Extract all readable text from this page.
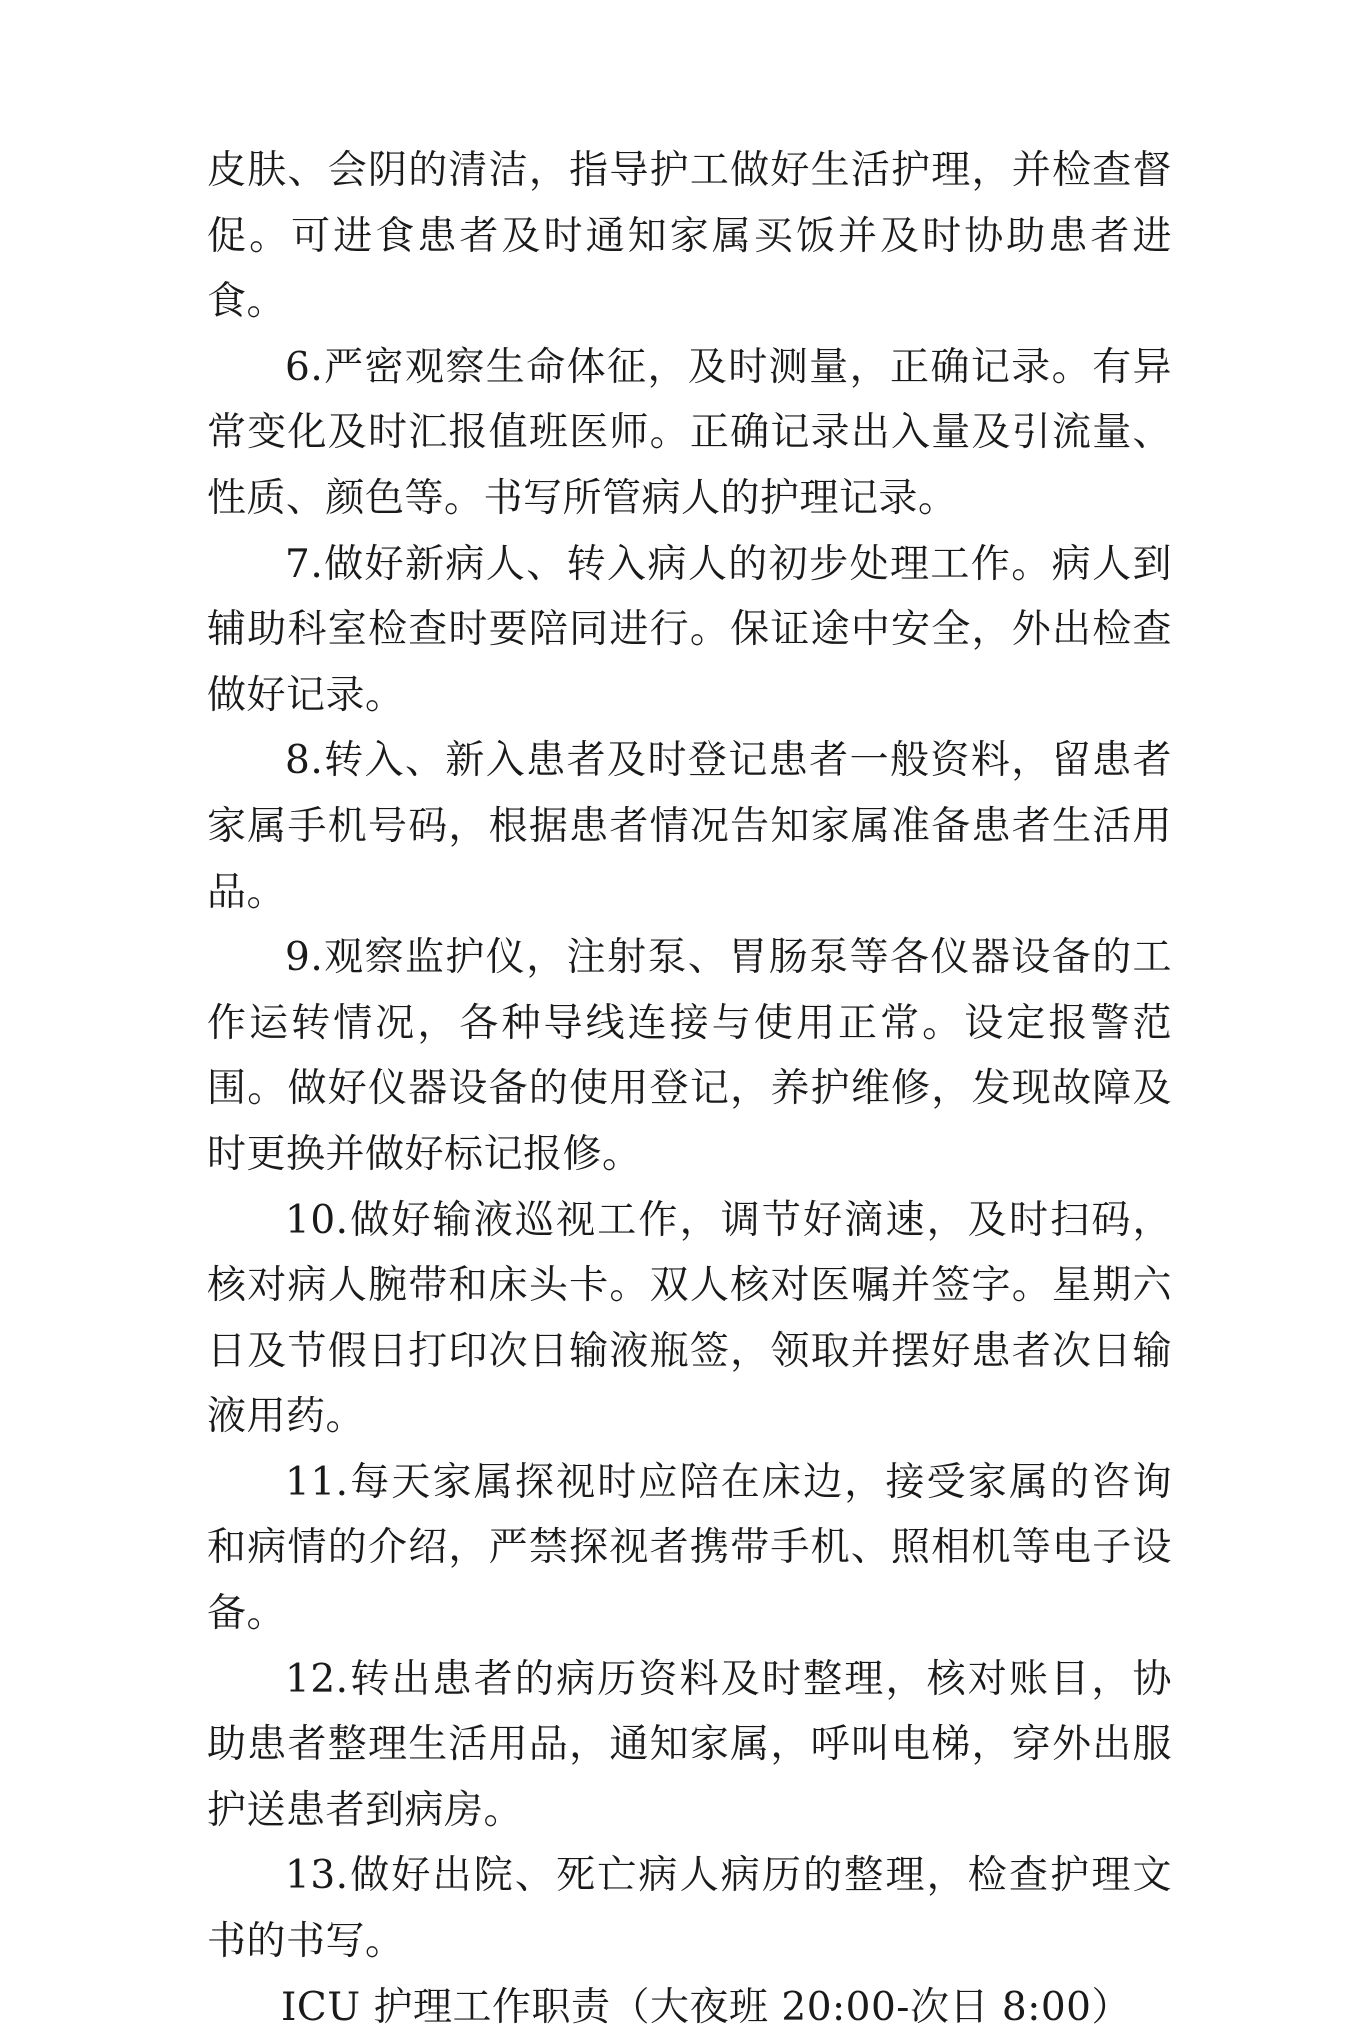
皮肤、会阴的清洁，指导护工做好生活护理，并检查督促。可进食患者及时通知家属买饭并及时协助患者进食。

6.严密观察生命体征，及时测量，正确记录。有异常变化及时汇报值班医师。正确记录出入量及引流量、性质、颜色等。书写所管病人的护理记录。

7.做好新病人、转入病人的初步处理工作。病人到辅助科室检查时要陪同进行。保证途中安全，外出检查做好记录。

8.转入、新入患者及时登记患者一般资料，留患者家属手机号码，根据患者情况告知家属准备患者生活用品。

9.观察监护仪，注射泵、胃肠泵等各仪器设备的工作运转情况，各种导线连接与使用正常。设定报警范围。做好仪器设备的使用登记，养护维修，发现故障及时更换并做好标记报修。

10.做好输液巡视工作，调节好滴速，及时扫码，核对病人腕带和床头卡。双人核对医嘱并签字。星期六日及节假日打印次日输液瓶签，领取并摆好患者次日输液用药。

11.每天家属探视时应陪在床边，接受家属的咨询和病情的介绍，严禁探视者携带手机、照相机等电子设备。

12.转出患者的病历资料及时整理，核对账目，协助患者整理生活用品，通知家属，呼叫电梯，穿外出服护送患者到病房。

13.做好出院、死亡病人病历的整理，检查护理文书的书写。

ICU 护理工作职责（大夜班 20:00-次日 8:00）
